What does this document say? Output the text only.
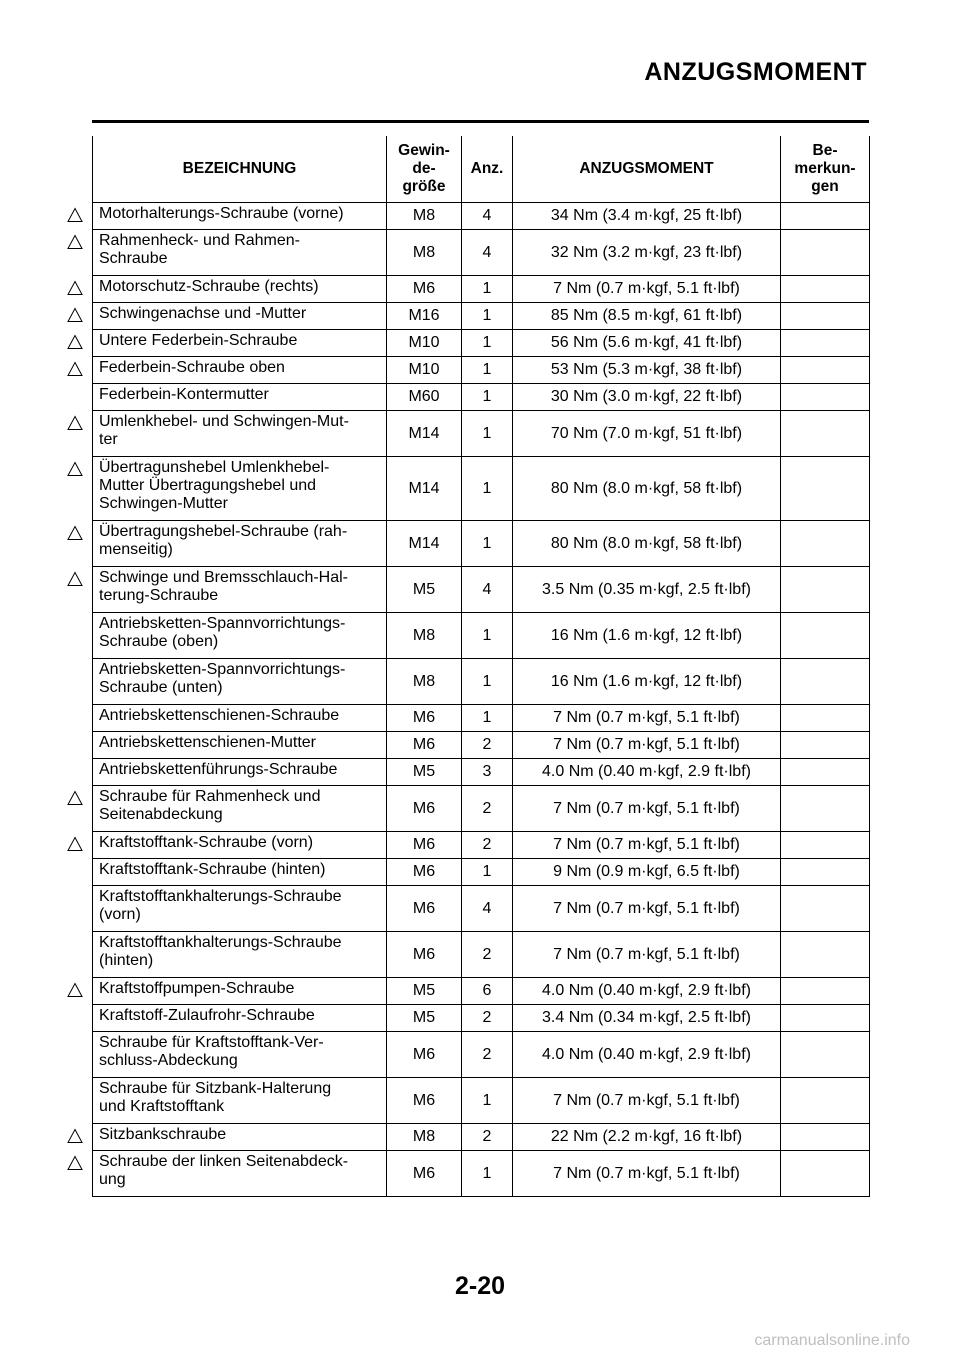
ANZUGSMOMENT
BEZEICHNUNG	Gewin-
de-
größe	Anz.	ANZUGSMOMENT	Be-
merkun-
gen

Motorhalterungs-Schraube (vorne)	M8	4	34 Nm (3.4 m·kgf, 25 ft·lbf)	

Rahmenheck- und Rahmen-
Schraube	M8	4	32 Nm (3.2 m·kgf, 23 ft·lbf)	

Motorschutz-Schraube (rechts)	M6	1	7 Nm (0.7 m·kgf, 5.1 ft·lbf)	

Schwingenachse und -Mutter	M16	1	85 Nm (8.5 m·kgf, 61 ft·lbf)	

Untere Federbein-Schraube	M10	1	56 Nm (5.6 m·kgf, 41 ft·lbf)	

Federbein-Schraube oben	M10	1	53 Nm (5.3 m·kgf, 38 ft·lbf)	
Federbein-Kontermutter	M60	1	30 Nm (3.0 m·kgf, 22 ft·lbf)	

Umlenkhebel- und Schwingen-Mut-
ter	M14	1	70 Nm (7.0 m·kgf, 51 ft·lbf)	

Übertragunshebel Umlenkhebel-
Mutter Übertragungshebel und
Schwingen-Mutter	M14	1	80 Nm (8.0 m·kgf, 58 ft·lbf)	

Übertragungshebel-Schraube (rah-
menseitig)	M14	1	80 Nm (8.0 m·kgf, 58 ft·lbf)	

Schwinge und Bremsschlauch-Hal-
terung-Schraube	M5	4	3.5 Nm (0.35 m·kgf, 2.5 ft·lbf)	
Antriebsketten-Spannvorrichtungs-
Schraube (oben)	M8	1	16 Nm (1.6 m·kgf, 12 ft·lbf)	
Antriebsketten-Spannvorrichtungs-
Schraube (unten)	M8	1	16 Nm (1.6 m·kgf, 12 ft·lbf)	
Antriebskettenschienen-Schraube	M6	1	7 Nm (0.7 m·kgf, 5.1 ft·lbf)	
Antriebskettenschienen-Mutter	M6	2	7 Nm (0.7 m·kgf, 5.1 ft·lbf)	
Antriebskettenführungs-Schraube	M5	3	4.0 Nm (0.40 m·kgf, 2.9 ft·lbf)	

Schraube für Rahmenheck und
Seitenabdeckung	M6	2	7 Nm (0.7 m·kgf, 5.1 ft·lbf)	

Kraftstofftank-Schraube (vorn)	M6	2	7 Nm (0.7 m·kgf, 5.1 ft·lbf)	
Kraftstofftank-Schraube (hinten)	M6	1	9 Nm (0.9 m·kgf, 6.5 ft·lbf)	
Kraftstofftankhalterungs-Schraube
(vorn)	M6	4	7 Nm (0.7 m·kgf, 5.1 ft·lbf)	
Kraftstofftankhalterungs-Schraube
(hinten)	M6	2	7 Nm (0.7 m·kgf, 5.1 ft·lbf)	

Kraftstoffpumpen-Schraube	M5	6	4.0 Nm (0.40 m·kgf, 2.9 ft·lbf)	
Kraftstoff-Zulaufrohr-Schraube	M5	2	3.4 Nm (0.34 m·kgf, 2.5 ft·lbf)	
Schraube für Kraftstofftank-Ver-
schluss-Abdeckung	M6	2	4.0 Nm (0.40 m·kgf, 2.9 ft·lbf)	
Schraube für Sitzbank-Halterung
und Kraftstofftank	M6	1	7 Nm (0.7 m·kgf, 5.1 ft·lbf)	

Sitzbankschraube	M8	2	22 Nm (2.2 m·kgf, 16 ft·lbf)	

Schraube der linken Seitenabdeck-
ung	M6	1	7 Nm (0.7 m·kgf, 5.1 ft·lbf)	
2-20
carmanualsonline.info
